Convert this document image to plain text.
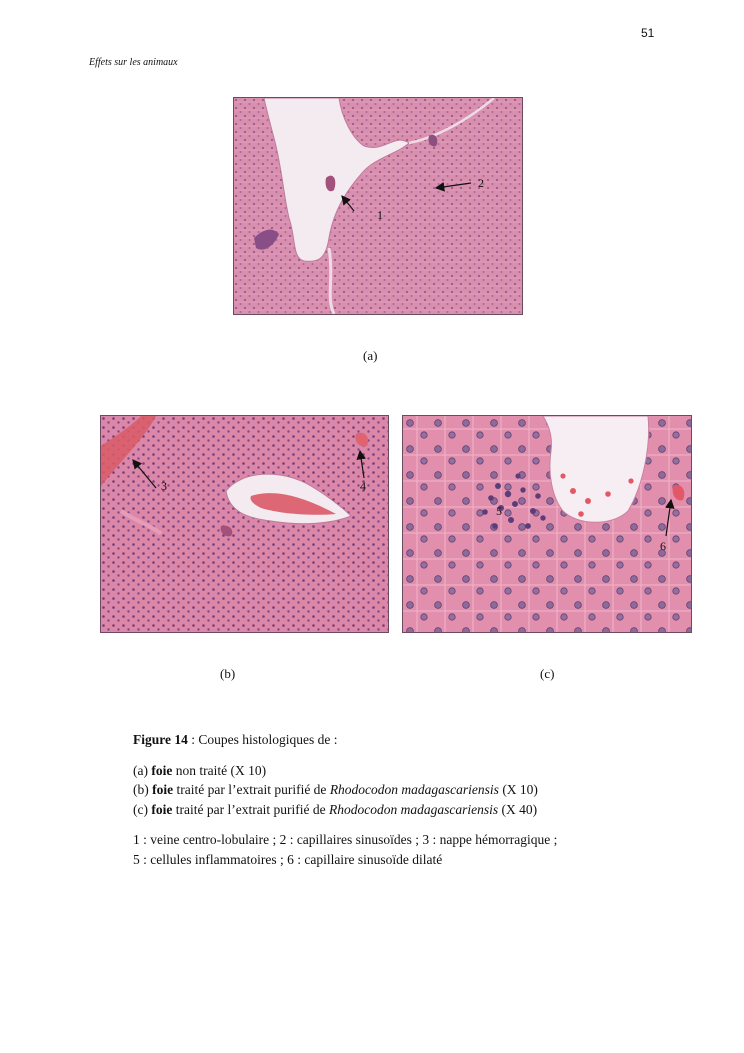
51
Effets sur les animaux
1
2
(a)
3	4
(b)
5
6
(c)

Figure 14 : Coupes histologiques de :

(a) foie non traité (X 10)

(b) foie traité par l’extrait purifié de Rhodocodon madagascariensis (X 10)

(c) foie traité par l’extrait purifié de Rhodocodon madagascariensis (X 40)

1 : veine centro-lobulaire ; 2 : capillaires sinusoïdes ; 3 : nappe hémorragique ;

5 : cellules inflammatoires ; 6 : capillaire sinusoïde dilaté
